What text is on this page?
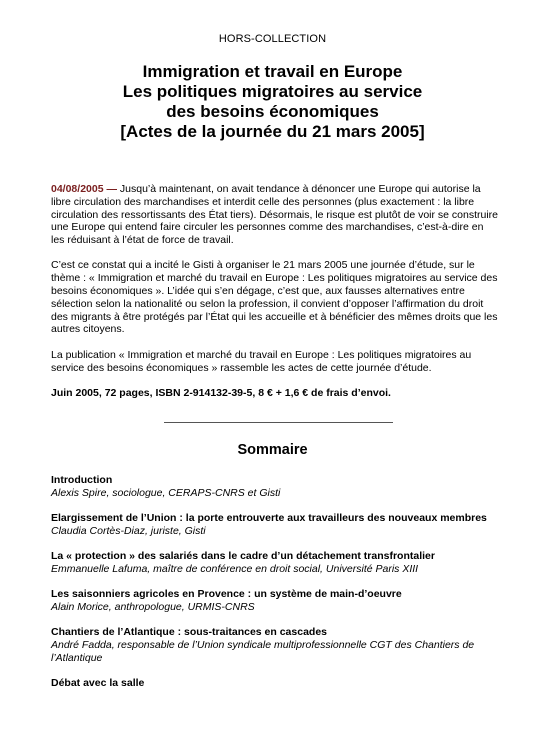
HORS-COLLECTION
Immigration et travail en Europe
Les politiques migratoires au service
des besoins économiques
[Actes de la journée du 21 mars 2005]

04/08/2005 — Jusqu’à maintenant, on avait tendance à dénoncer une Europe qui autorise la libre circulation des marchandises et interdit celle des personnes (plus exactement : la libre circulation des ressortissants des État tiers). Désormais, le risque est plutôt de voir se construire une Europe qui entend faire circuler les personnes comme des marchandises, c’est-à-dire en les réduisant à l’état de force de travail.

C’est ce constat qui a incité le Gisti à organiser le 21 mars 2005 une journée d’étude, sur le thème : « Immigration et marché du travail en Europe : Les politiques migratoires au service des besoins économiques ». L’idée qui s’en dégage, c’est que, aux fausses alternatives entre sélection selon la nationalité ou selon la profession, il convient d’opposer l’affirmation du droit des migrants à être protégés par l’État qui les accueille et à bénéficier des mêmes droits que les autres citoyens.

La publication « Immigration et marché du travail en Europe : Les politiques migratoires au service des besoins économiques » rassemble les actes de cette journée d’étude.

Juin 2005, 72 pages, ISBN 2-914132-39-5, 8 € + 1,6 € de frais d’envoi.

Sommaire
Introduction
Alexis Spire, sociologue, CERAPS-CNRS et Gisti
Elargissement de l’Union : la porte entrouverte aux travailleurs des nouveaux membres
Claudia Cortès-Diaz, juriste, Gisti
La « protection » des salariés dans le cadre d’un détachement transfrontalier
Emmanuelle Lafuma, maître de conférence en droit social, Université Paris XIII
Les saisonniers agricoles en Provence : un système de main-d’oeuvre
Alain Morice, anthropologue, URMIS-CNRS
Chantiers de l’Atlantique : sous-traitances en cascades
André Fadda, responsable de l’Union syndicale multiprofessionnelle CGT des Chantiers de l’Atlantique
Débat avec la salle
